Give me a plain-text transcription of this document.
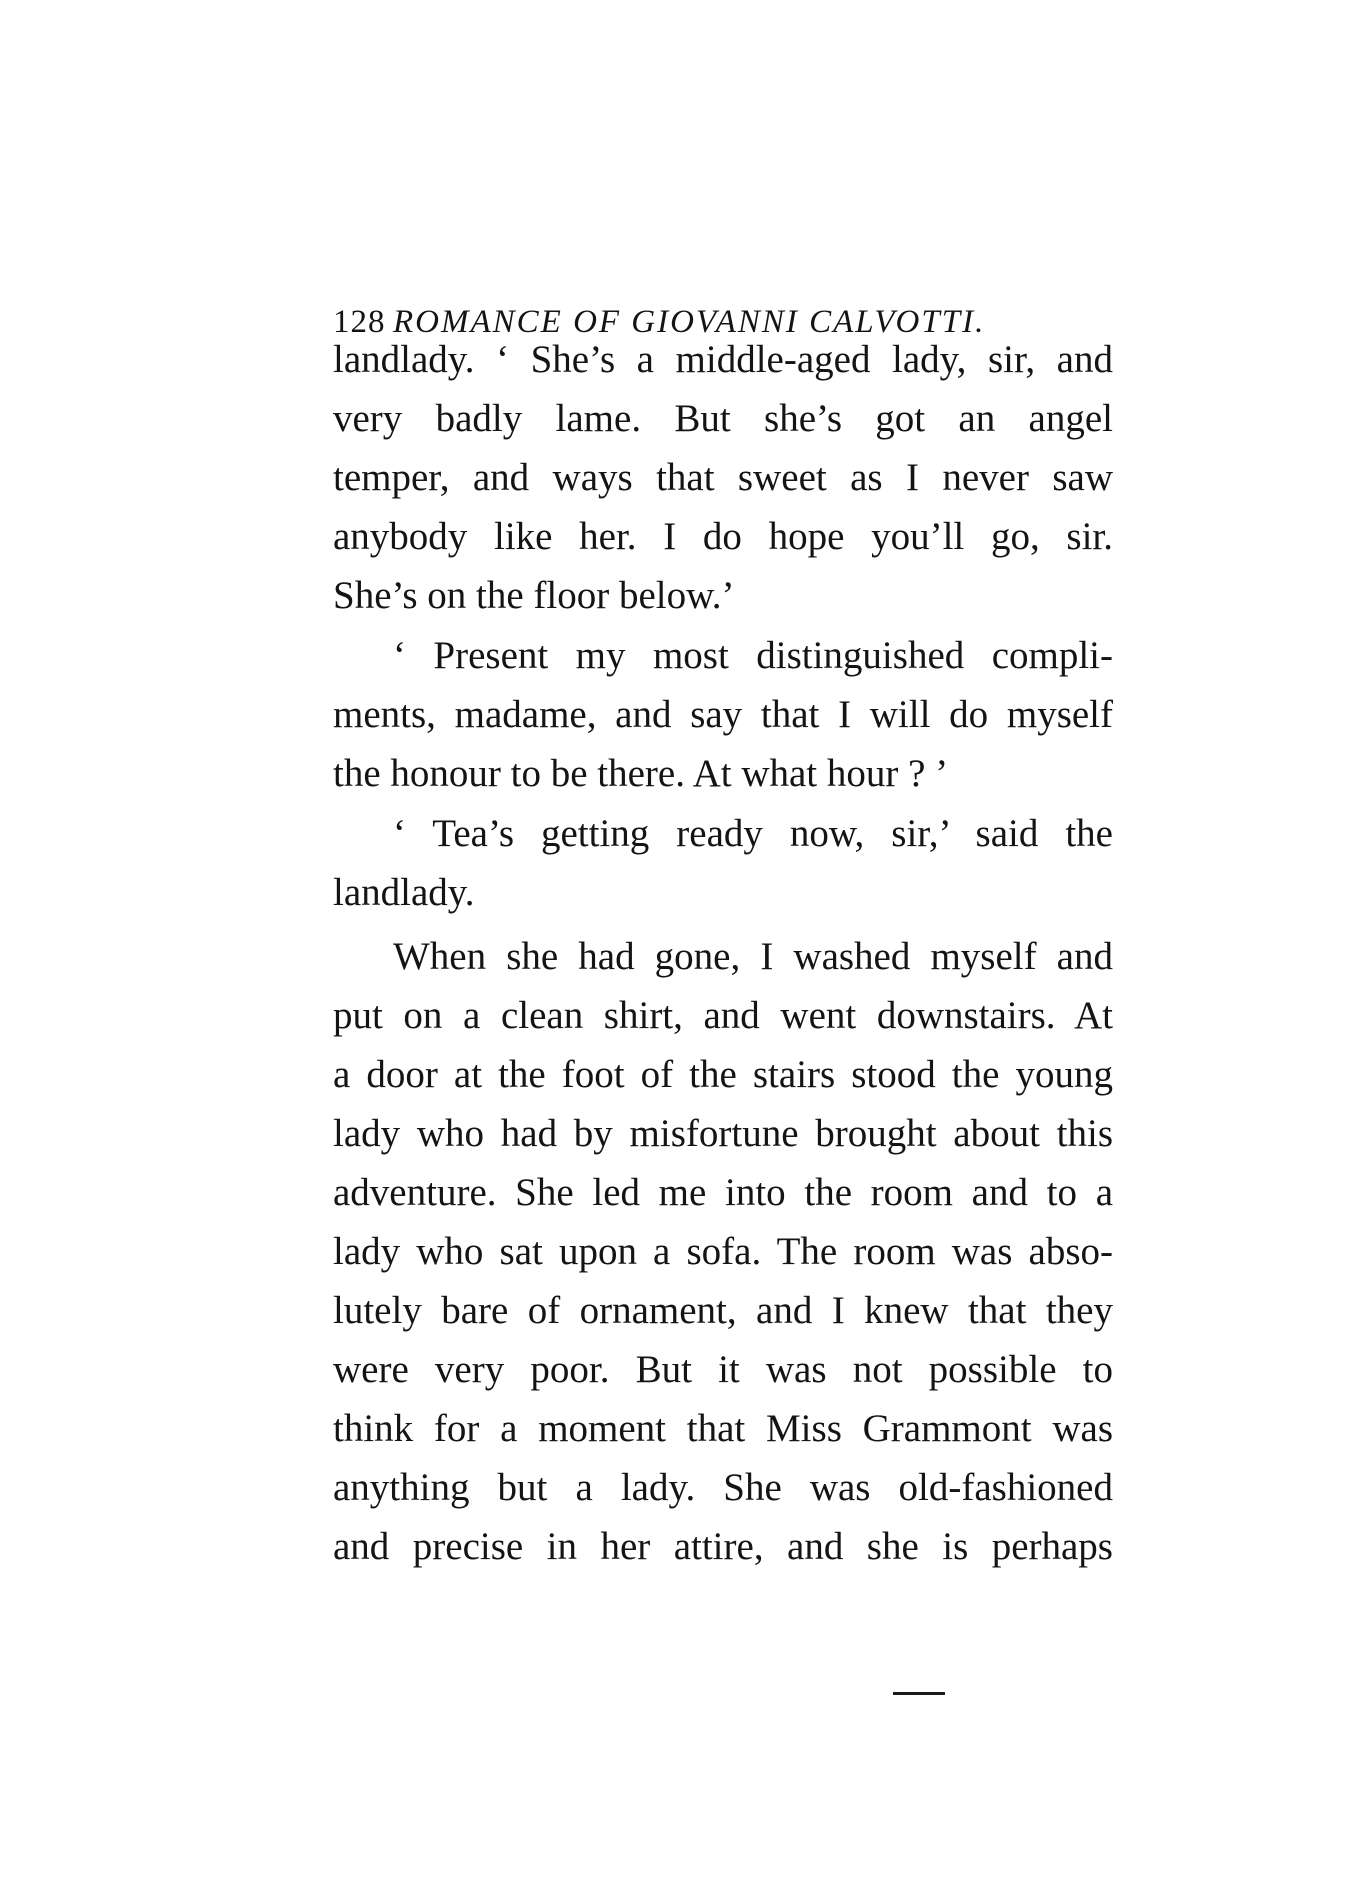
128 ROMANCE OF GIOVANNI CALVOTTI.
landlady. ‘ She’s a middle-aged lady, sir, and
very badly lame. But she’s got an angel
temper, and ways that sweet as I never saw
anybody like her. I do hope you’ll go, sir.
She’s on the floor below.’
‘ Present my most distinguished compli-
ments, madame, and say that I will do myself
the honour to be there. At what hour ? ’
‘ Tea’s getting ready now, sir,’ said the
landlady.
When she had gone, I washed myself and
put on a clean shirt, and went downstairs. At
a door at the foot of the stairs stood the young
lady who had by misfortune brought about this
adventure. She led me into the room and to a
lady who sat upon a sofa. The room was abso-
lutely bare of ornament, and I knew that they
were very poor. But it was not possible to
think for a moment that Miss Grammont was
anything but a lady. She was old-fashioned
and precise in her attire, and she is perhaps
